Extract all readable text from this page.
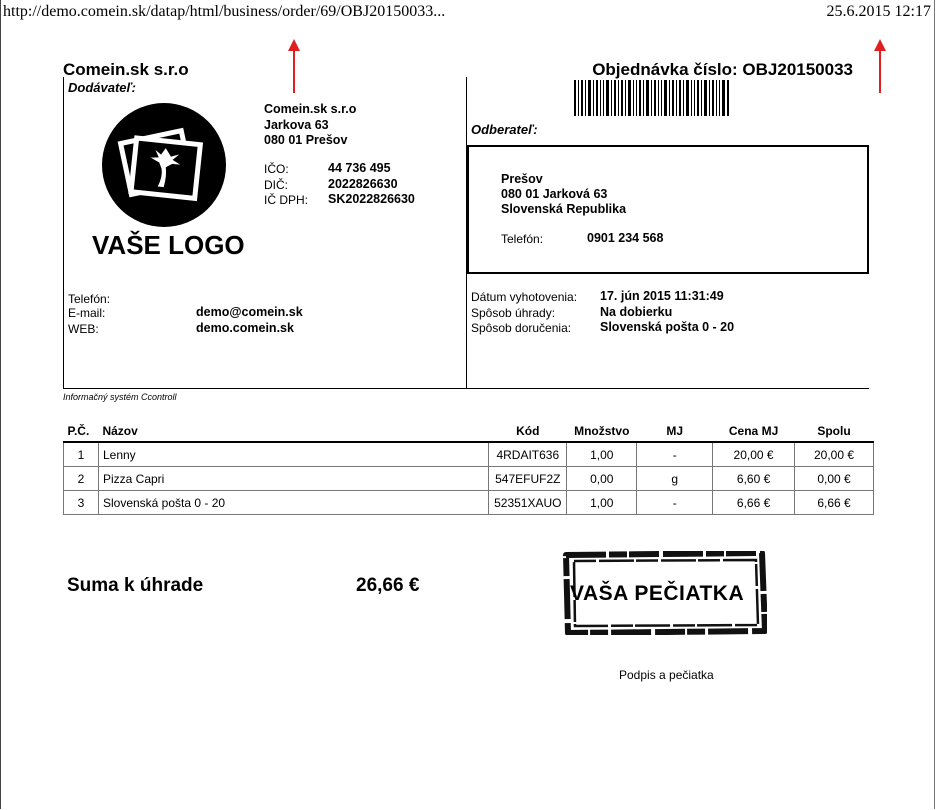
http://demo.comein.sk/datap/html/business/order/69/OBJ20150033...	25.6.2015 12:17
Comein.sk s.r.o	Objednávka číslo: OBJ20150033
Dodávateľ:
VAŠE LOGO
Comein.sk s.r.o
Jarkova 63
080 01 Prešov
IČO:	44 736 495
DIČ:	2022826630
IČ DPH: SK2022826630
Telefón:
E-mail:	demo@comein.sk
WEB:	demo.comein.sk
Odberateľ:
Prešov
080 01 Jarková 63
Slovenská Republika
Telefón:	0901 234 568
Dátum vyhotovenia: 17. jún 2015 11:31:49
Spôsob úhrady:	Na dobierku
Spôsob doručenia: Slovenská pošta 0 - 20
Informačný systém Ccontroll
P.Č.	Názov	Kód	Množstvo	MJ	Cena MJ	Spolu
1	Lenny	4RDAIT636	1,00	-	20,00 €	20,00 €
2	Pizza Capri	547EFUF2Z	0,00	g	6,60 €	0,00 €
3	Slovenská pošta 0 - 20	52351XAUO	1,00	-	6,66 €	6,66 €
Suma k úhrade	26,66 €	VAŠA PEČIATKA
Podpis a pečiatka
